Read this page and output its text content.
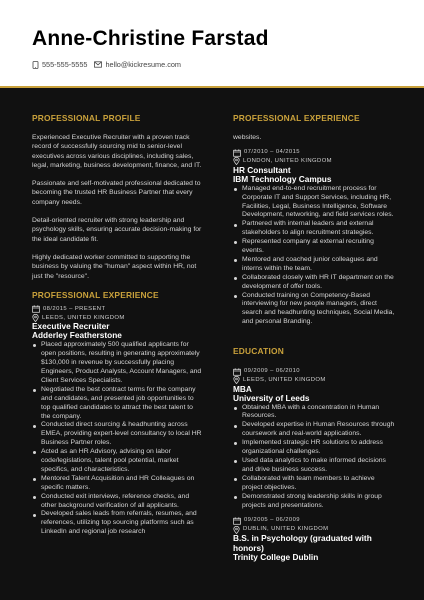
Anne-Christine Farstad
555-555-5555 hello@kickresume.com
PROFESSIONAL PROFILE

Experienced Executive Recruiter with a proven track record of successfully sourcing mid to senior-level executives across various disciplines, including sales, legal, marketing, business development, finance, and IT.

Passionate and self-motivated professional dedicated to becoming the trusted HR Business Partner that every company needs.

Detail-oriented recruiter with strong leadership and psychology skills, ensuring accurate decision-making for the ideal candidate fit.

Highly dedicated worker committed to supporting the business by valuing the "human" aspect within HR, not just the "resource".

PROFESSIONAL EXPERIENCE
08/2015 – PRESENT
LEEDS, UNITED KINGDOM
Executive Recruiter
Adderley Featherstone
Placed approximately 500 qualified applicants for open positions, resulting in generating approximately $130,000 in revenue by successfully placing Engineers, Product Analysts, Account Managers, and Client Services Specialists.
Negotiated the best contract terms for the company and candidates, and presented job opportunities to top qualified candidates to attract the best talent to the company.
Conducted direct sourcing & headhunting across EMEA, providing expert-level consultancy to local HR Business Partner roles.
Acted as an HR Advisory, advising on labor code/legislations, talent pool potential, market specifics, and characteristics.
Mentored Talent Acquisition and HR Colleagues on specific matters.
Conducted exit interviews, reference checks, and other background verification of all applicants.
Developed sales leads from referrals, resumes, and references, utilizing top sourcing platforms such as LinkedIn and regional job research
PROFESSIONAL EXPERIENCE

websites.

07/2010 – 04/2015
LONDON, UNITED KINGDOM
HR Consultant
IBM Technology Campus
Managed end-to-end recruitment process for Corporate IT and Support Services, including HR, Facilities, Legal, Business Intelligence, Software Development, networking, and field services roles.
Partnered with internal leaders and external stakeholders to align recruitment strategies.
Represented company at external recruiting events.
Mentored and coached junior colleagues and interns within the team.
Collaborated closely with HR IT department on the development of offer tools.
Conducted training on Competency-Based interviewing for new people managers, direct search and headhunting techniques, Social Media, and personal Branding.
EDUCATION
09/2009 – 06/2010
LEEDS, UNITED KINGDOM
MBA
University of Leeds
Obtained MBA with a concentration in Human Resources.
Developed expertise in Human Resources through coursework and real-world applications.
Implemented strategic HR solutions to address organizational challenges.
Used data analytics to make informed decisions and drive business success.
Collaborated with team members to achieve project objectives.
Demonstrated strong leadership skills in group projects and presentations.
09/2005 – 06/2009
DUBLIN, UNITED KINGDOM
B.S. in Psychology (graduated with honors)
Trinity College Dublin
